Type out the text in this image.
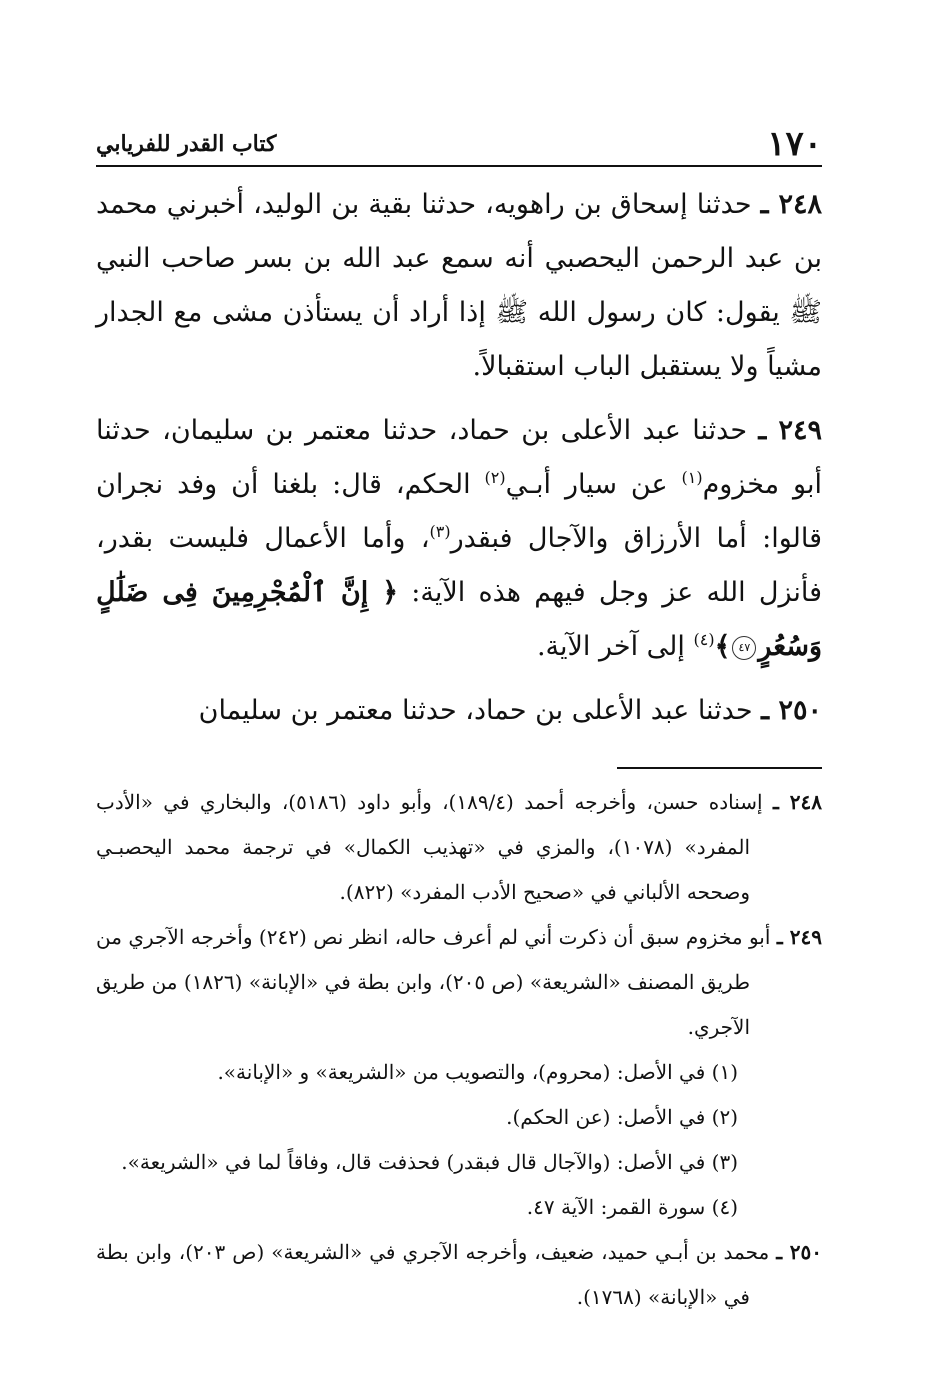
١٧٠
كتاب القدر للفريابي

٢٤٨ ـ حدثنا إسحاق بن راهويه، حدثنا بقية بن الوليد، أخبرني محمد بن عبد الرحمن اليحصبي أنه سمع عبد الله بن بسر صاحب النبي ﷺ يقول: كان رسول الله ﷺ إذا أراد أن يستأذن مشى مع الجدار مشياً ولا يستقبل الباب استقبالاً.

٢٤٩ ـ حدثنا عبد الأعلى بن حماد، حدثنا معتمر بن سليمان، حدثنا أبو مخزوم$^{(١)}$ عن سيار أبـي$^{(٢)}$ الحكم، قال: بلغنا أن وفد نجران قالوا: أما الأرزاق والآجال فبقدر$^{(٣)}$، وأما الأعمال فليست بقدر، فأنزل الله عز وجل فيهم هذه الآية: ﴿ إِنَّ ٱلْمُجْرِمِينَ فِى ضَلَٰلٍ وَسُعُرٍ٤٧﴾$^{(٤)}$ إلى آخر الآية.

٢٥٠ ـ حدثنا عبد الأعلى بن حماد، حدثنا معتمر بن سليمان

٢٤٨ ـ إسناده حسن، وأخرجه أحمد (١٨٩/٤)، وأبو داود (٥١٨٦)، والبخاري في «الأدب المفرد» (١٠٧٨)، والمزي في «تهذيب الكمال» في ترجمة محمد اليحصبـي وصححه الألباني في «صحيح الأدب المفرد» (٨٢٢).

٢٤٩ ـ أبو مخزوم سبق أن ذكرت أني لم أعرف حاله، انظر نص (٢٤٢) وأخرجه الآجري من طريق المصنف «الشريعة» (ص ٢٠٥)، وابن بطة في «الإبانة» (١٨٢٦) من طريق الآجري.

(١) في الأصل: (محروم)، والتصويب من «الشريعة» و «الإبانة».

(٢) في الأصل: (عن الحكم).

(٣) في الأصل: (والآجال قال فبقدر) فحذفت قال، وفاقاً لما في «الشريعة».

(٤) سورة القمر: الآية ٤٧.

٢٥٠ ـ محمد بن أبـي حميد، ضعيف، وأخرجه الآجري في «الشريعة» (ص ٢٠٣)، وابن بطة في «الإبانة» (١٧٦٨).
